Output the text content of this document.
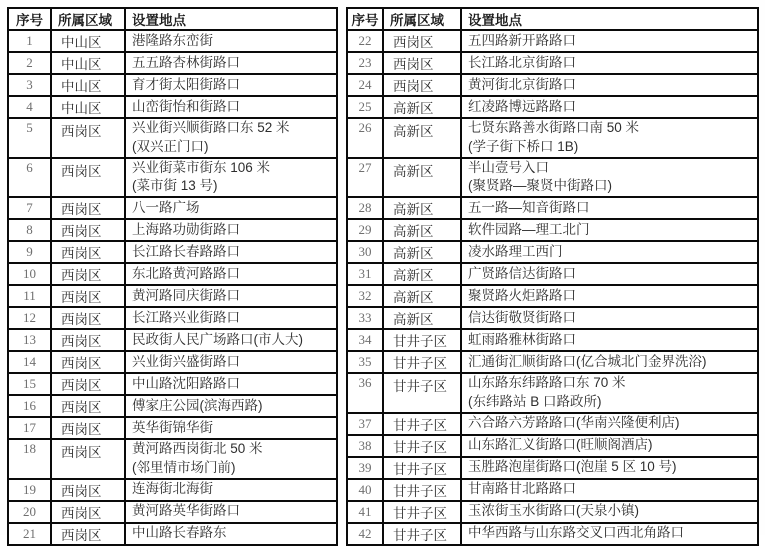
序号	所属区域	设置地点
1	中山区	港隆路东峦街

2	中山区	五五路杏林街路口

3	中山区	育才街太阳街路口

4	中山区	山峦街怡和街路口

5	西岗区	兴业街兴顺街路口东 52 米
(双兴正门口)

6	西岗区	兴业街菜市街东 106 米
(菜市街 13 号)

7	西岗区	八一路广场

8	西岗区	上海路功勋街路口

9	西岗区	长江路长春路路口

10	西岗区	东北路黄河路路口

11	西岗区	黄河路同庆街路口

12	西岗区	长江路兴业街路口

13	西岗区	民政街人民广场路口(市人大)

14	西岗区	兴业街兴盛街路口

15	西岗区	中山路沈阳路路口

16	西岗区	傅家庄公园(滨海西路)

17	西岗区	英华街锦华街

18	西岗区	黄河路西岗街北 50 米
(邻里情市场门前)

19	西岗区	连海街北海街

20	西岗区	黄河路英华街路口

21	西岗区	中山路长春路东
序号	所属区域	设置地点
22	西岗区	五四路新开路路口

23	西岗区	长江路北京街路口

24	西岗区	黄河街北京街路口

25	高新区	红凌路博远路路口

26	高新区	七贤东路善水街路口南 50 米
(学子街下桥口 1B)

27	高新区	半山壹号入口
(聚贤路—聚贤中街路口)

28	高新区	五一路—知音街路口

29	高新区	软件园路—理工北门

30	高新区	凌水路理工西门

31	高新区	广贤路信达街路口

32	高新区	聚贤路火炬路路口

33	高新区	信达街敬贤街路口

34	甘井子区	虹雨路雅林街路口

35	甘井子区	汇通街汇顺街路口(亿合城北门金界洗浴)

36	甘井子区	山东路东纬路路口东 70 米
(东纬路站 B 口路政所)

37	甘井子区	六合路六芳路路口(华南兴隆便利店)

38	甘井子区	山东路汇义街路口(旺顺阁酒店)

39	甘井子区	玉胜路泡崖街路口(泡崖 5 区 10 号)

40	甘井子区	甘南路甘北路路口

41	甘井子区	玉浓街玉水街路口(天泉小镇)

42	甘井子区	中华西路与山东路交叉口西北角路口
